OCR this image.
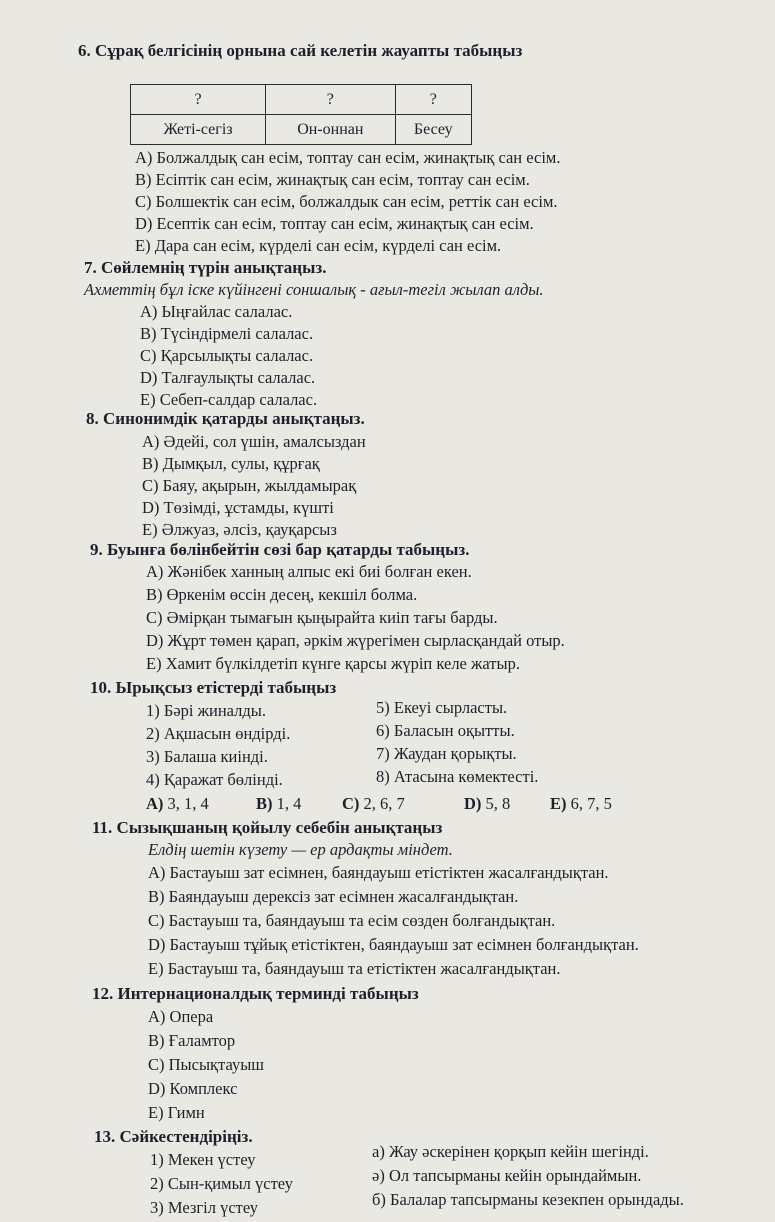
6. Сұрақ белгісінің орнына сай келетін жауапты табыңыз
?	?	?
Жеті-сегіз	Он-оннан	Бесеу
А) Болжалдық сан есім, топтау сан есім, жинақтық сан есім.
В) Есіптік сан есім, жинақтық сан есім, топтау сан есім.
С) Болшектік сан есім, болжалдык сан есім, реттік сан есім.
D) Есептік сан есім, топтау сан есім, жинақтық сан есім.
Е) Дара сан есім, күрделі сан есім, күрделі сан есім.
7. Сөйлемнің түрін анықтаңыз.
Ахметтің бұл іске күйінгені соншалық - ағыл-тегіл жылап алды.
А) Ыңғайлас салалас.
В) Түсіндірмелі салалас.
С) Қарсылықты салалас.
D) Талғаулықты салалас.
Е) Себеп-салдар салалас.
8. Синонимдік қатарды анықтаңыз.
А) Әдейі, сол үшін, амалсыздан
В) Дымқыл, сулы, құрғақ
С) Баяу, ақырын, жылдамырақ
D) Төзімді, ұстамды, күшті
Е) Әлжуаз, әлсіз, қауқарсыз
9. Буынға бөлінбейтін сөзі бар қатарды табыңыз.
А) Жәнібек ханның алпыс екі биі болған екен.
В) Өркенім өссін десең, кекшіл болма.
С) Әмірқан тымағын қыңырайта киіп тағы барды.
D) Жұрт төмен қарап, әркім жүрегімен сырласқандай отыр.
Е) Хамит бүлкілдетіп күнге қарсы жүріп келе жатыр.
10. Ырықсыз етістерді табыңыз
1) Бәрі жиналды.
2) Ақшасын өндірді.
3) Балаша киінді.
4) Қаражат бөлінді.
5) Екеуі сырласты.
6) Баласын оқытты.
7) Жаудан қорықты.
8) Атасына көмектесті.
А) 3, 1, 4	В) 1, 4 С) 2, 6, 7	D) 5, 8 Е) 6, 7, 5
11. Сызықшаның қойылу себебін анықтаңыз
Елдің шетін күзету — ер ардақты міндет.
А) Бастауыш зат есімнен, баяндауыш етістіктен жасалғандықтан.
В) Баяндауыш дерексіз зат есімнен жасалғандықтан.
С) Бастауыш та, баяндауыш та есім сөзден болғандықтан.
D) Бастауыш тұйық етістіктен, баяндауыш зат есімнен болғандықтан.
Е) Бастауыш та, баяндауыш та етістіктен жасалғандықтан.
12. Интернационалдық терминді табыңыз
А) Опера
В) Ғаламтор
С) Пысықтауыш
D) Комплекс
Е) Гимн
13. Сәйкестендіріңіз.
1) Мекен үстеу
2) Сын-қимыл үстеу
3) Мезгіл үстеу
а) Жау әскерінен қорқып кейін шегінді.
ә) Ол тапсырманы кейін орындаймын.
б) Балалар тапсырманы кезекпен орындады.
